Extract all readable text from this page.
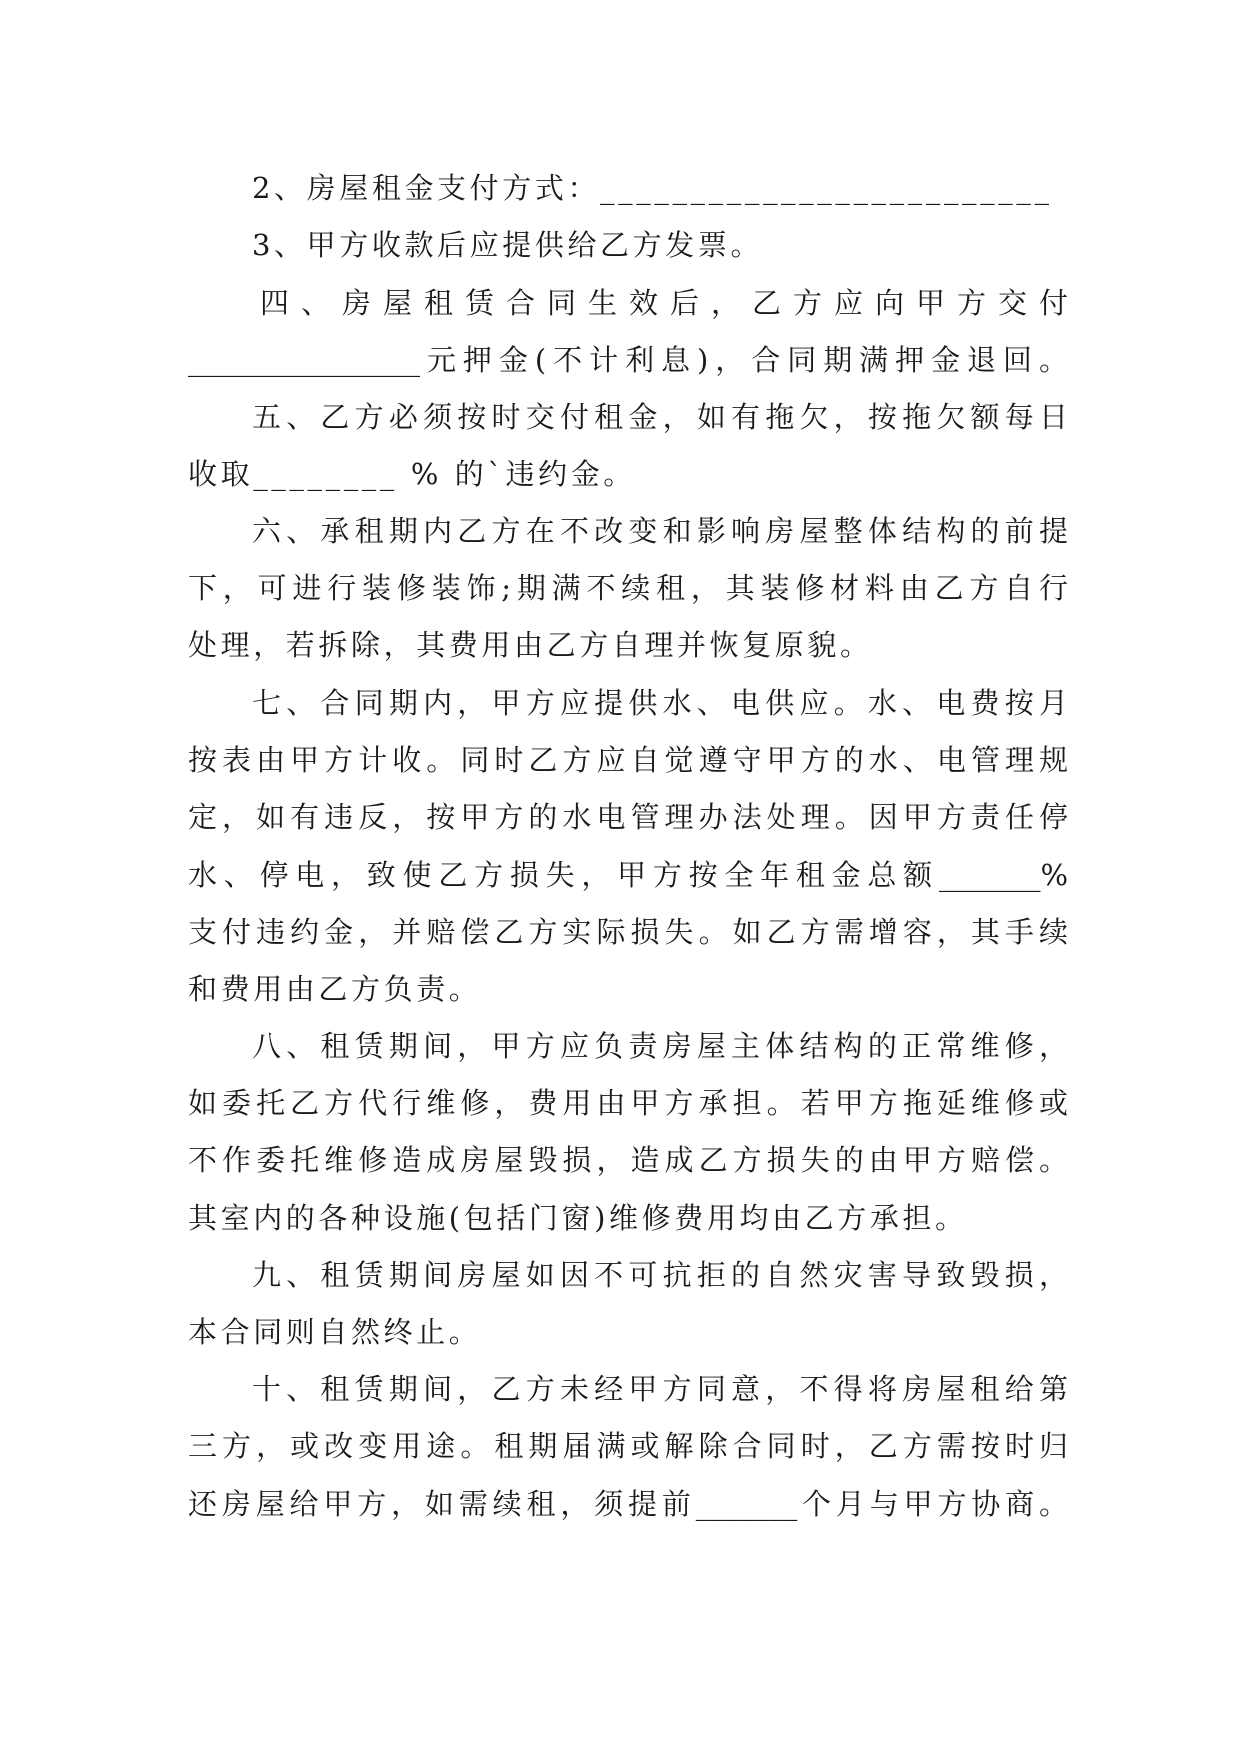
2、房屋租金支付方式：_________________________
3、甲方收款后应提供给乙方发票。
四、房屋租赁合同生效后，乙方应向甲方交付
________________元押金(不计利息)，合同期满押金退回。
五、乙方必须按时交付租金，如有拖欠，按拖欠额每日
收取________ % 的`违约金。
六、承租期内乙方在不改变和影响房屋整体结构的前提
下，可进行装修装饰;期满不续租，其装修材料由乙方自行
处理，若拆除，其费用由乙方自理并恢复原貌。
七、合同期内，甲方应提供水、电供应。水、电费按月
按表由甲方计收。同时乙方应自觉遵守甲方的水、电管理规
定，如有违反，按甲方的水电管理办法处理。因甲方责任停
水、停电，致使乙方损失，甲方按全年租金总额_______%
支付违约金，并赔偿乙方实际损失。如乙方需增容，其手续
和费用由乙方负责。
八、租赁期间，甲方应负责房屋主体结构的正常维修，
如委托乙方代行维修，费用由甲方承担。若甲方拖延维修或
不作委托维修造成房屋毁损，造成乙方损失的由甲方赔偿。
其室内的各种设施(包括门窗)维修费用均由乙方承担。
九、租赁期间房屋如因不可抗拒的自然灾害导致毁损，
本合同则自然终止。
十、租赁期间，乙方未经甲方同意，不得将房屋租给第
三方，或改变用途。租期届满或解除合同时，乙方需按时归
还房屋给甲方，如需续租，须提前_______个月与甲方协商。
